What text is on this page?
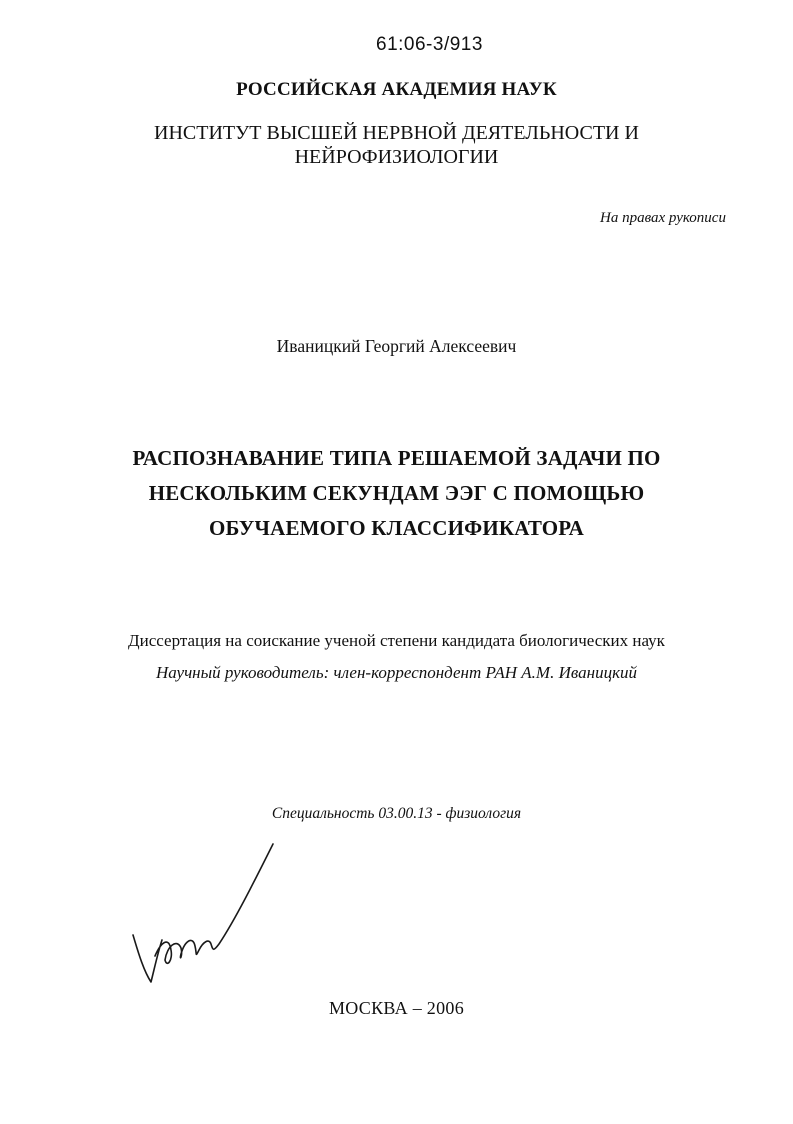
61:06-3/913
РОССИЙСКАЯ АКАДЕМИЯ НАУК
ИНСТИТУТ ВЫСШЕЙ НЕРВНОЙ ДЕЯТЕЛЬНОСТИ И
НЕЙРОФИЗИОЛОГИИ
На правах рукописи
Иваницкий Георгий Алексеевич
РАСПОЗНАВАНИЕ ТИПА РЕШАЕМОЙ ЗАДАЧИ ПО
НЕСКОЛЬКИМ СЕКУНДАМ ЭЭГ С ПОМОЩЬЮ
ОБУЧАЕМОГО КЛАССИФИКАТОРА
Диссертация на соискание ученой степени кандидата биологических наук
Научный руководитель: член-корреспондент РАН А.М. Иваницкий
Специальность 03.00.13 - физиология
МОСКВА – 2006
